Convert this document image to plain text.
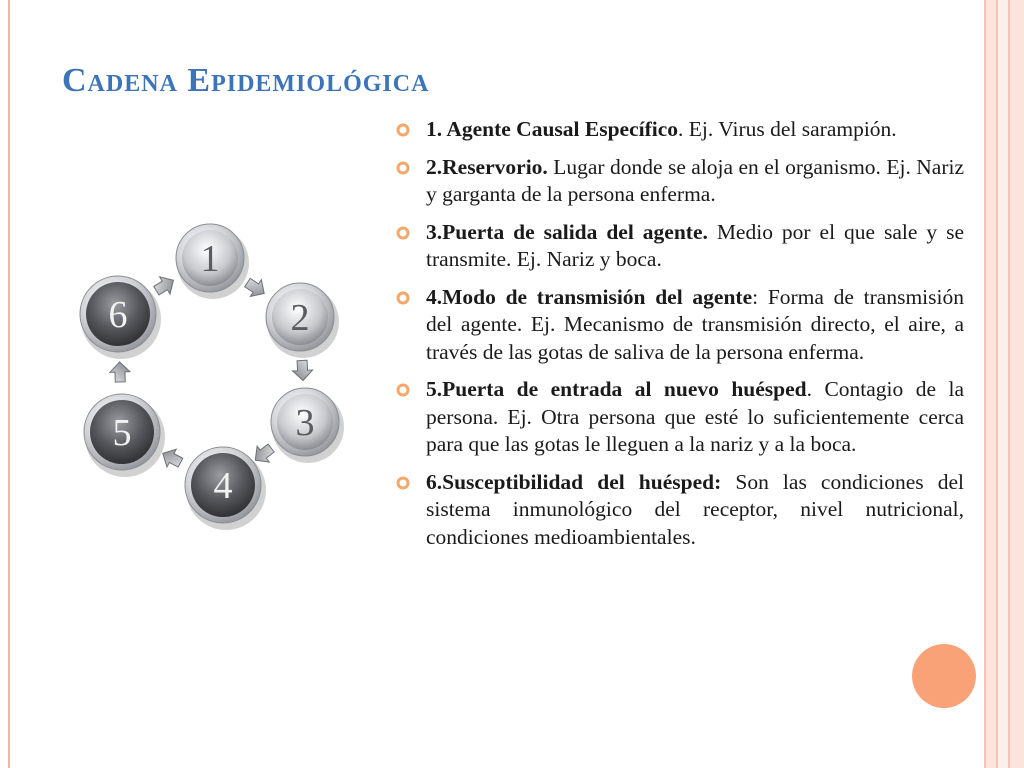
Cadena Epidemiológica
1
2
3
4
5
6
1. Agente Causal Específico. Ej. Virus del sarampión.
2.Reservorio. Lugar donde se aloja en el organismo. Ej. Nariz y garganta de la persona enferma.
3.Puerta de salida del agente. Medio por el que sale y se transmite. Ej. Nariz y boca.
4.Modo de transmisión del agente: Forma de transmisión del agente. Ej. Mecanismo de transmisión directo, el aire, a través de las gotas de saliva de la persona enferma.
5.Puerta de entrada al nuevo huésped. Contagio de la persona. Ej. Otra persona que esté lo suficientemente cerca para que las gotas le lleguen a la nariz y a la boca.
6.Susceptibilidad del huésped: Son las condiciones del sistema inmunológico del receptor, nivel nutricional, condiciones medioambientales.
